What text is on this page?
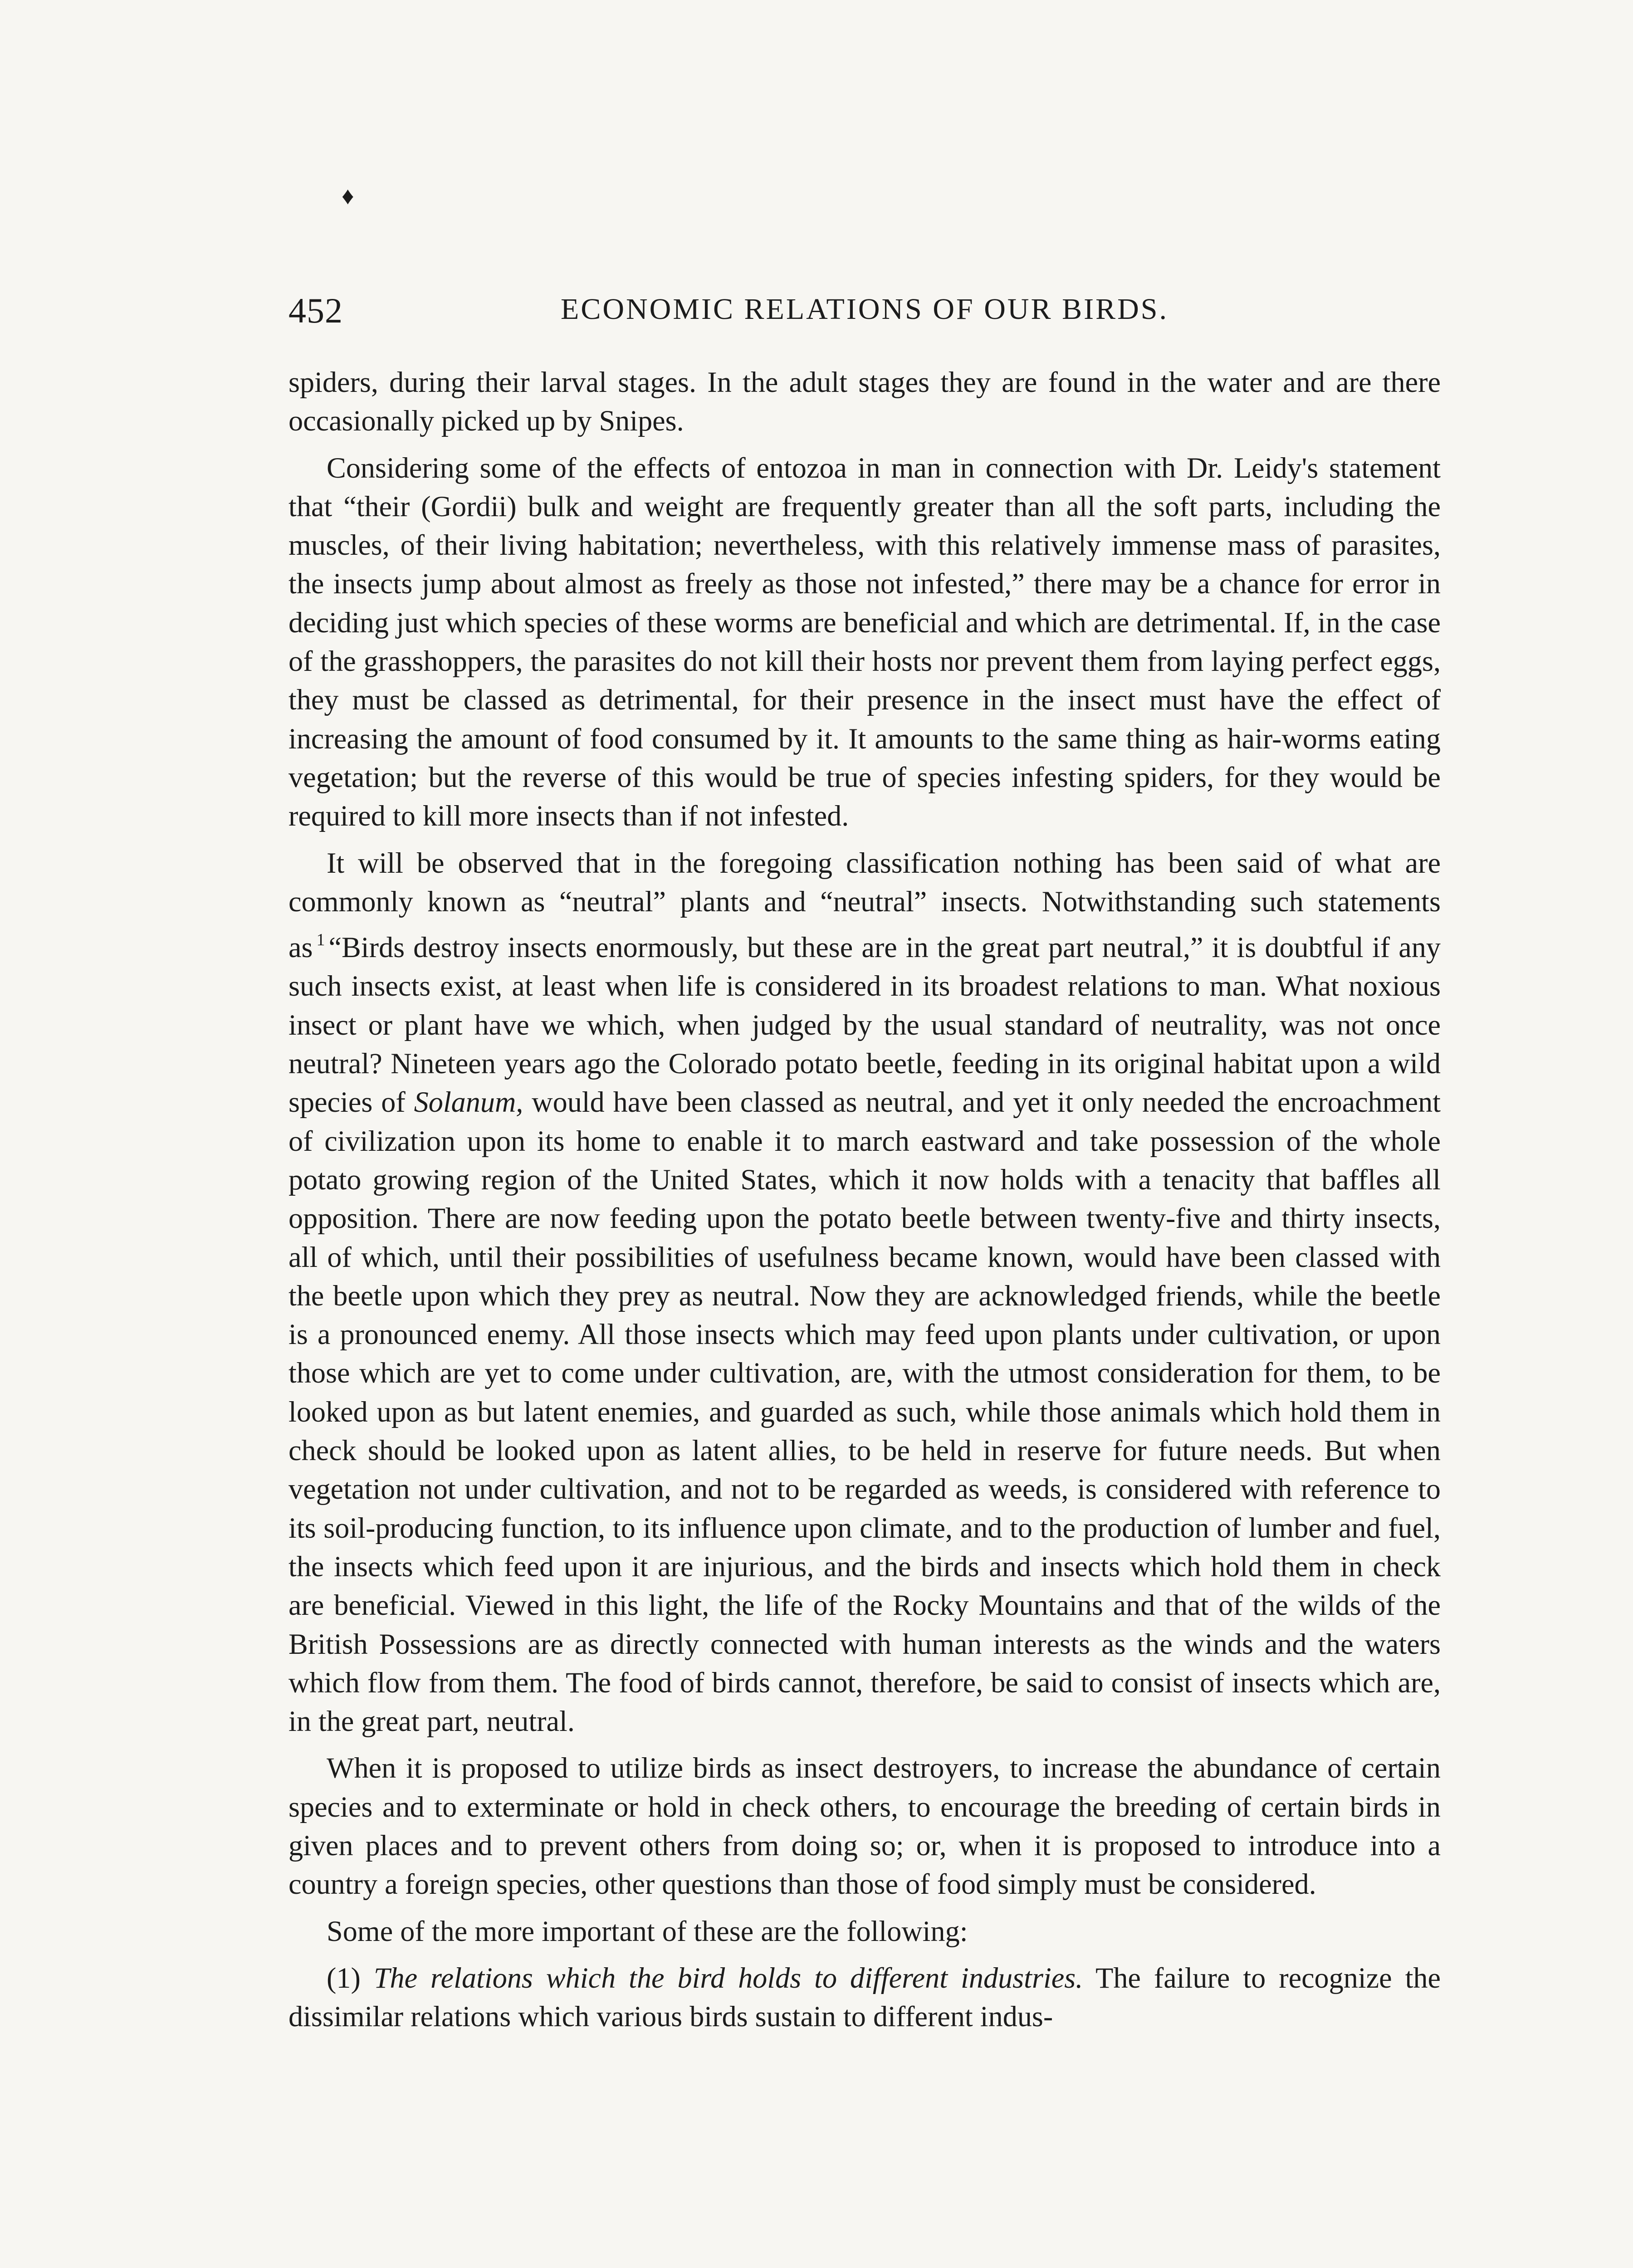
♦
452	ECONOMIC RELATIONS OF OUR BIRDS.

spiders, during their larval stages. In the adult stages they are found in the water and are there occasionally picked up by Snipes.

Considering some of the effects of entozoa in man in connection with Dr. Leidy's statement that “their (Gordii) bulk and weight are frequently greater than all the soft parts, including the muscles, of their living habitation; nevertheless, with this relatively immense mass of parasites, the insects jump about almost as freely as those not infested,” there may be a chance for error in deciding just which species of these worms are beneficial and which are detrimental. If, in the case of the grasshoppers, the parasites do not kill their hosts nor prevent them from laying perfect eggs, they must be classed as detrimental, for their presence in the insect must have the effect of increasing the amount of food consumed by it. It amounts to the same thing as hair-worms eating vegetation; but the reverse of this would be true of species infesting spiders, for they would be required to kill more insects than if not infested.

It will be observed that in the foregoing classification nothing has been said of what are commonly known as “neutral” plants and “neutral” insects. Notwithstanding such statements as $^1$ “Birds destroy insects enormously, but these are in the great part neutral,” it is doubtful if any such insects exist, at least when life is considered in its broadest relations to man. What noxious insect or plant have we which, when judged by the usual standard of neutrality, was not once neutral? Nineteen years ago the Colorado potato beetle, feeding in its original habitat upon a wild species of Solanum, would have been classed as neutral, and yet it only needed the encroachment of civilization upon its home to enable it to march eastward and take possession of the whole potato growing region of the United States, which it now holds with a tenacity that baffles all opposition. There are now feeding upon the potato beetle between twenty-five and thirty insects, all of which, until their possibilities of usefulness became known, would have been classed with the beetle upon which they prey as neutral. Now they are acknowledged friends, while the beetle is a pronounced enemy. All those insects which may feed upon plants under cultivation, or upon those which are yet to come under cultivation, are, with the utmost consideration for them, to be looked upon as but latent enemies, and guarded as such, while those animals which hold them in check should be looked upon as latent allies, to be held in reserve for future needs. But when vegetation not under cultivation, and not to be regarded as weeds, is considered with reference to its soil-producing function, to its influence upon climate, and to the production of lumber and fuel, the insects which feed upon it are injurious, and the birds and insects which hold them in check are beneficial. Viewed in this light, the life of the Rocky Mountains and that of the wilds of the British Possessions are as directly connected with human interests as the winds and the waters which flow from them. The food of birds cannot, therefore, be said to consist of insects which are, in the great part, neutral.

When it is proposed to utilize birds as insect destroyers, to increase the abundance of certain species and to exterminate or hold in check others, to encourage the breeding of certain birds in given places and to prevent others from doing so; or, when it is proposed to introduce into a country a foreign species, other questions than those of food simply must be considered.

Some of the more important of these are the following:

(1) The relations which the bird holds to different industries. The failure to recognize the dissimilar relations which various birds sustain to different indus-
